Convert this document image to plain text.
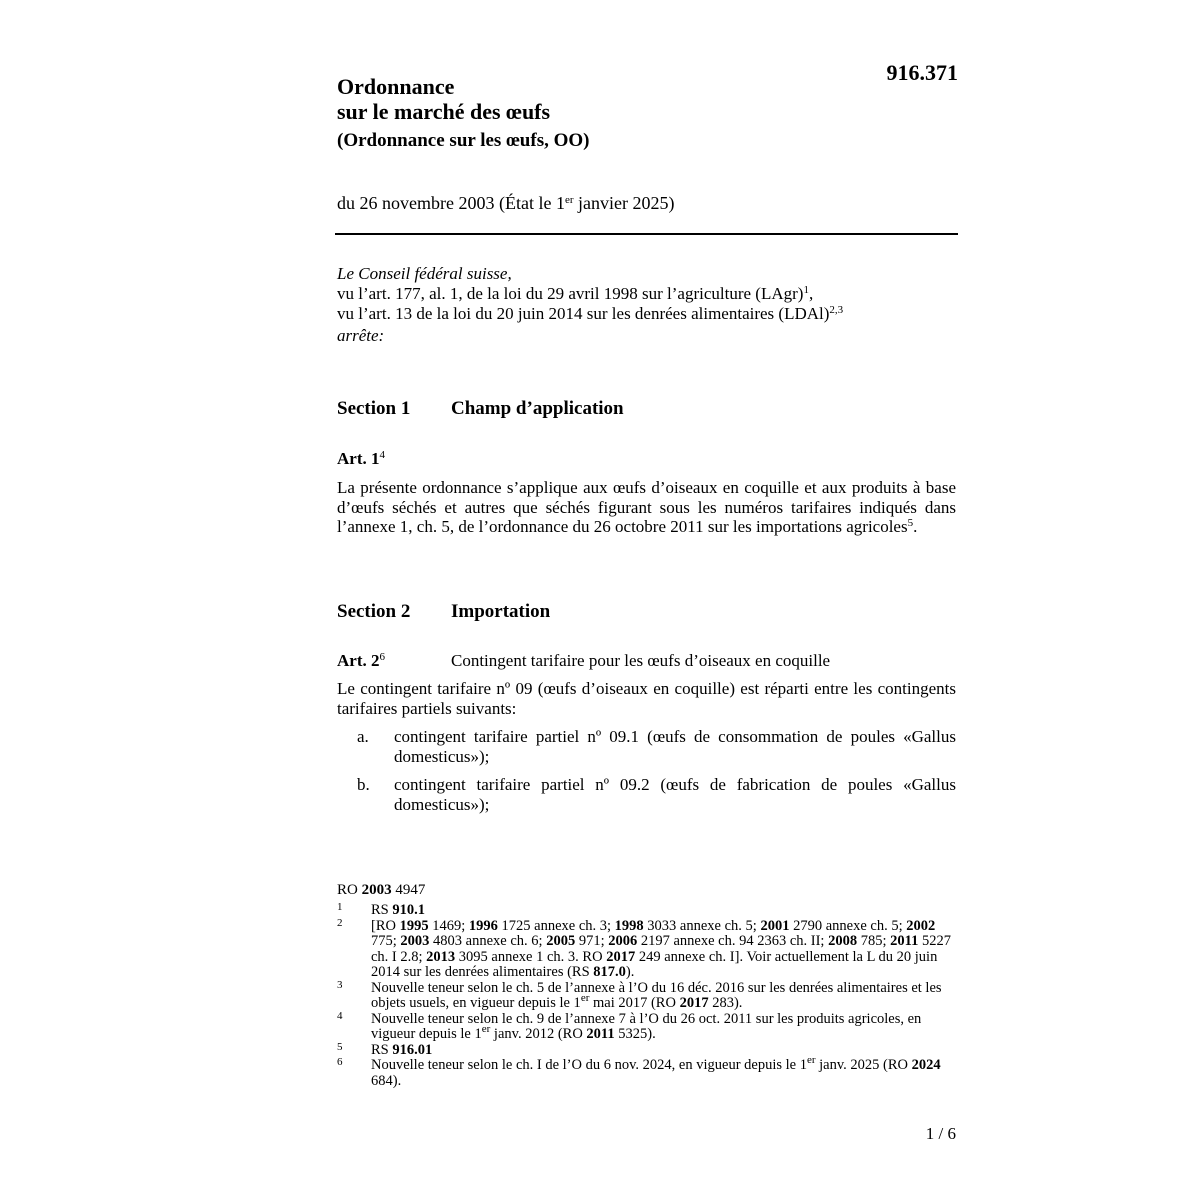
916.371
Ordonnance
sur le marché des œufs
(Ordonnance sur les œufs, OO)
du 26 novembre 2003 (État le 1er janvier 2025)
Le Conseil fédéral suisse,
vu l’art. 177, al. 1, de la loi du 29 avril 1998 sur l’agriculture (LAgr)$^1$,
vu l’art. 13 de la loi du 20 juin 2014 sur les denrées alimentaires (LDAl)$^{2,3}$
arrête:
Section 1 Champ d’application
Art. $1^4$
La présente ordonnance s’applique aux œufs d’oiseaux en coquille et aux produits à base d’œufs séchés et autres que séchés figurant sous les numéros tarifaires indiqués dans l’annexe 1, ch. 5, de l’ordonnance du 26 octobre 2011 sur les importations agricoles$^5$.
Section 2 Importation
Art. $2^6$	Contingent tarifaire pour les œufs d’oiseaux en coquille
Le contingent tarifaire nº 09 (œufs d’oiseaux en coquille) est réparti entre les contingents tarifaires partiels suivants:
a. contingent tarifaire partiel nº 09.1 (œufs de consommation de poules «Gallus domesticus»);
b. contingent tarifaire partiel nº 09.2 (œufs de fabrication de poules «Gallus domesticus»);
RO 2003 4947
1 RS 910.1
2 [RO 1995 1469; 1996 1725 annexe ch. 3; 1998 3033 annexe ch. 5; 2001 2790 annexe ch. 5; 2002 775; 2003 4803 annexe ch. 6; 2005 971; 2006 2197 annexe ch. 94 2363 ch. II; 2008 785; 2011 5227 ch. I 2.8; 2013 3095 annexe 1 ch. 3. RO 2017 249 annexe ch. I]. Voir actuellement la L du 20 juin 2014 sur les denrées alimentaires (RS 817.0).
3 Nouvelle teneur selon le ch. 5 de l’annexe à l’O du 16 déc. 2016 sur les denrées alimentaires et les objets usuels, en vigueur depuis le 1er mai 2017 (RO 2017 283).
4 Nouvelle teneur selon le ch. 9 de l’annexe 7 à l’O du 26 oct. 2011 sur les produits agricoles, en vigueur depuis le 1er janv. 2012 (RO 2011 5325).
5 RS 916.01
6 Nouvelle teneur selon le ch. I de l’O du 6 nov. 2024, en vigueur depuis le 1er janv. 2025 (RO 2024 684).
1 / 6
